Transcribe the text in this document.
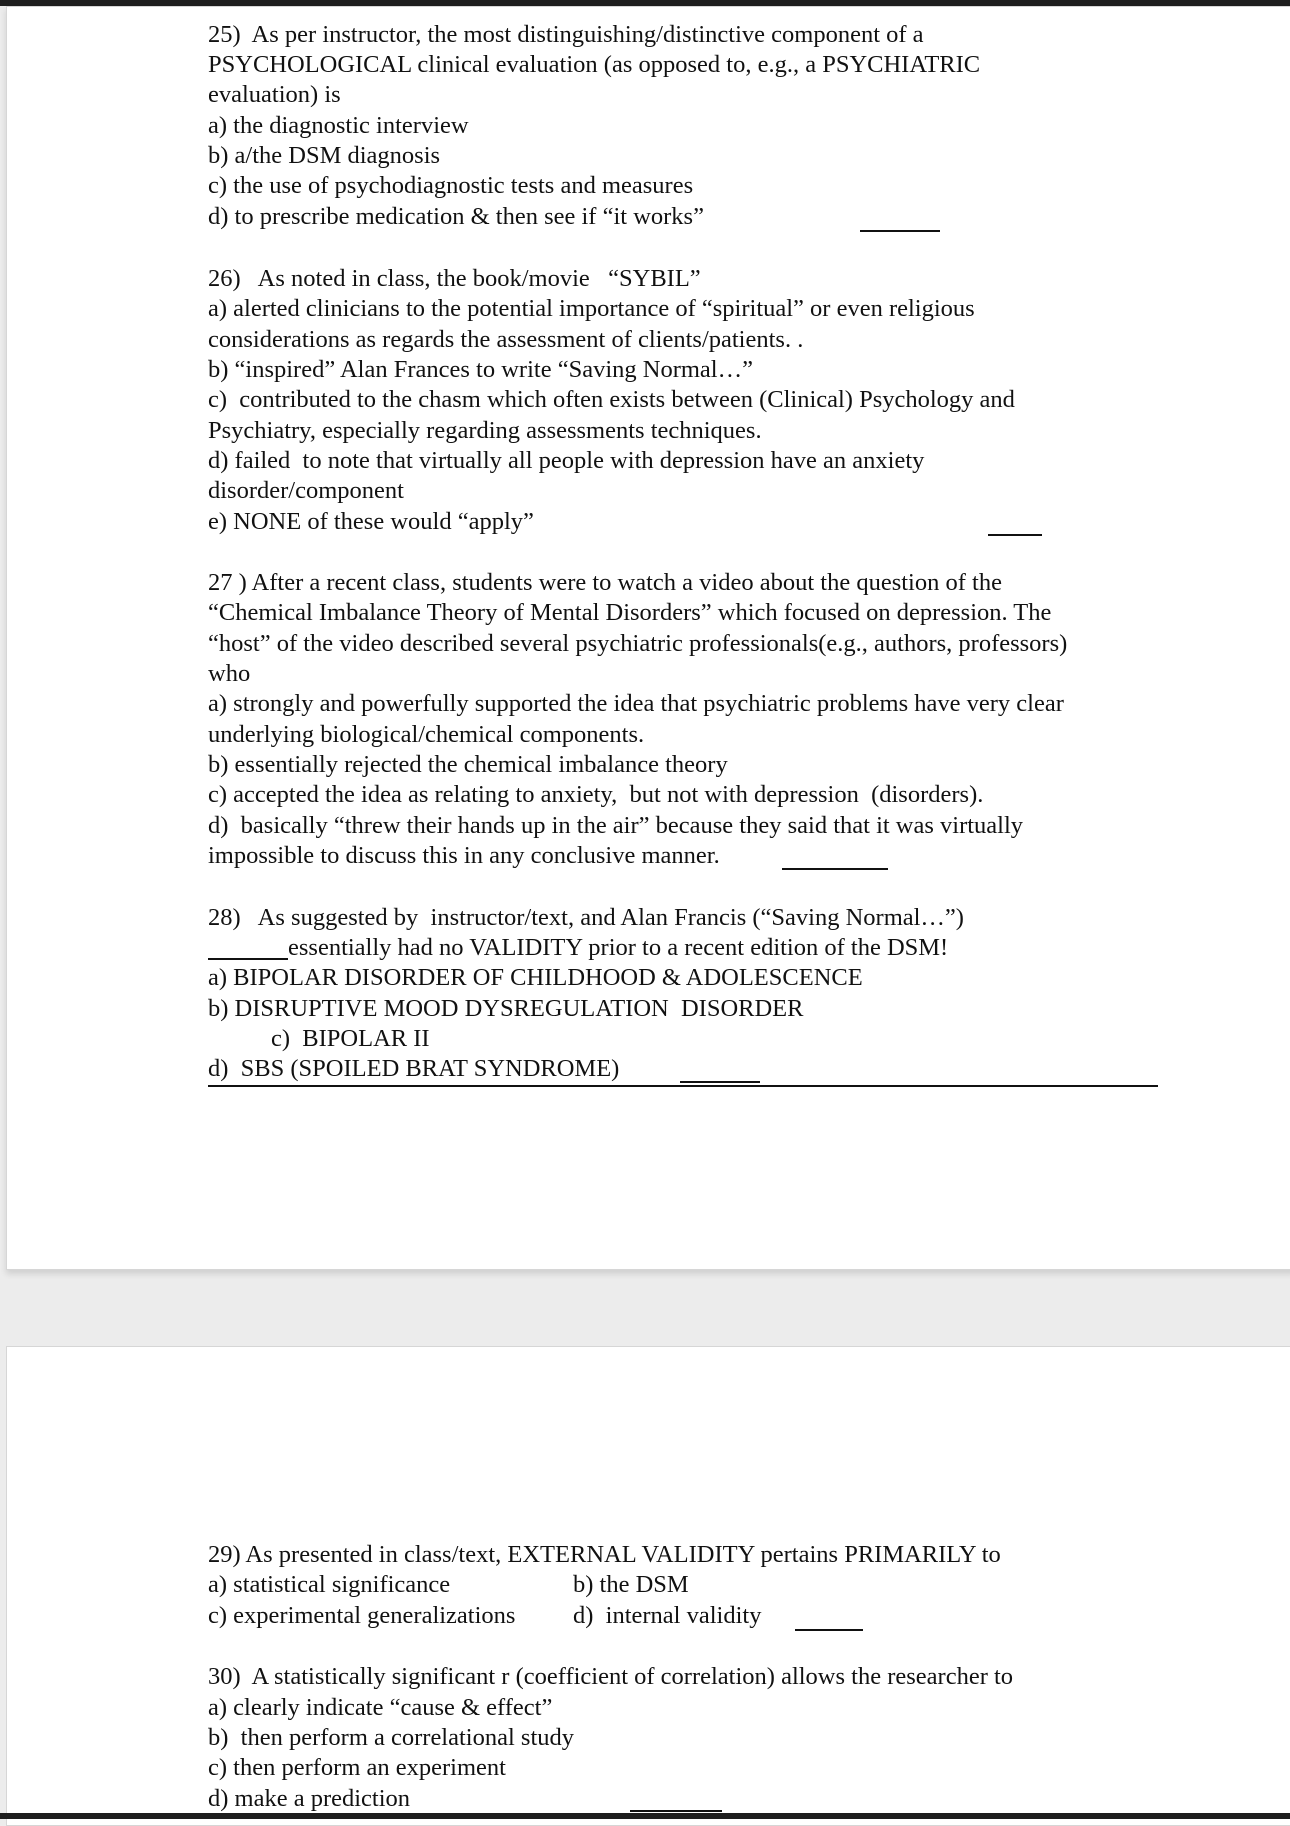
25)  As per instructor, the most distinguishing/distinctive component of a
PSYCHOLOGICAL clinical evaluation (as opposed to, e.g., a PSYCHIATRIC
evaluation) is
a) the diagnostic interview
b) a/the DSM diagnosis
c) the use of psychodiagnostic tests and measures
d) to prescribe medication & then see if “it works”
26)   As noted in class, the book/movie   “SYBIL”
a) alerted clinicians to the potential importance of “spiritual” or even religious
considerations as regards the assessment of clients/patients. .
b) “inspired” Alan Frances to write “Saving Normal…”
c)  contributed to the chasm which often exists between (Clinical) Psychology and
Psychiatry, especially regarding assessments techniques.
d) failed  to note that virtually all people with depression have an anxiety
disorder/component
e) NONE of these would “apply”
27 ) After a recent class, students were to watch a video about the question of the
“Chemical Imbalance Theory of Mental Disorders” which focused on depression. The
“host” of the video described several psychiatric professionals(e.g., authors, professors)
who
a) strongly and powerfully supported the idea that psychiatric problems have very clear
underlying biological/chemical components.
b) essentially rejected the chemical imbalance theory
c) accepted the idea as relating to anxiety,  but not with depression  (disorders).
d)  basically “threw their hands up in the air” because they said that it was virtually
impossible to discuss this in any conclusive manner.
28)   As suggested by  instructor/text, and Alan Francis (“Saving Normal…”)
essentially had no VALIDITY prior to a recent edition of the DSM!
a) BIPOLAR DISORDER OF CHILDHOOD & ADOLESCENCE
b) DISRUPTIVE MOOD DYSREGULATION  DISORDER
c)  BIPOLAR II
d)  SBS (SPOILED BRAT SYNDROME)
29) As presented in class/text, EXTERNAL VALIDITY pertains PRIMARILY to
a) statistical significance	b) the DSM
c) experimental generalizations d)  internal validity
30)  A statistically significant r (coefficient of correlation) allows the researcher to
a) clearly indicate “cause & effect”
b)  then perform a correlational study
c) then perform an experiment
d) make a prediction
